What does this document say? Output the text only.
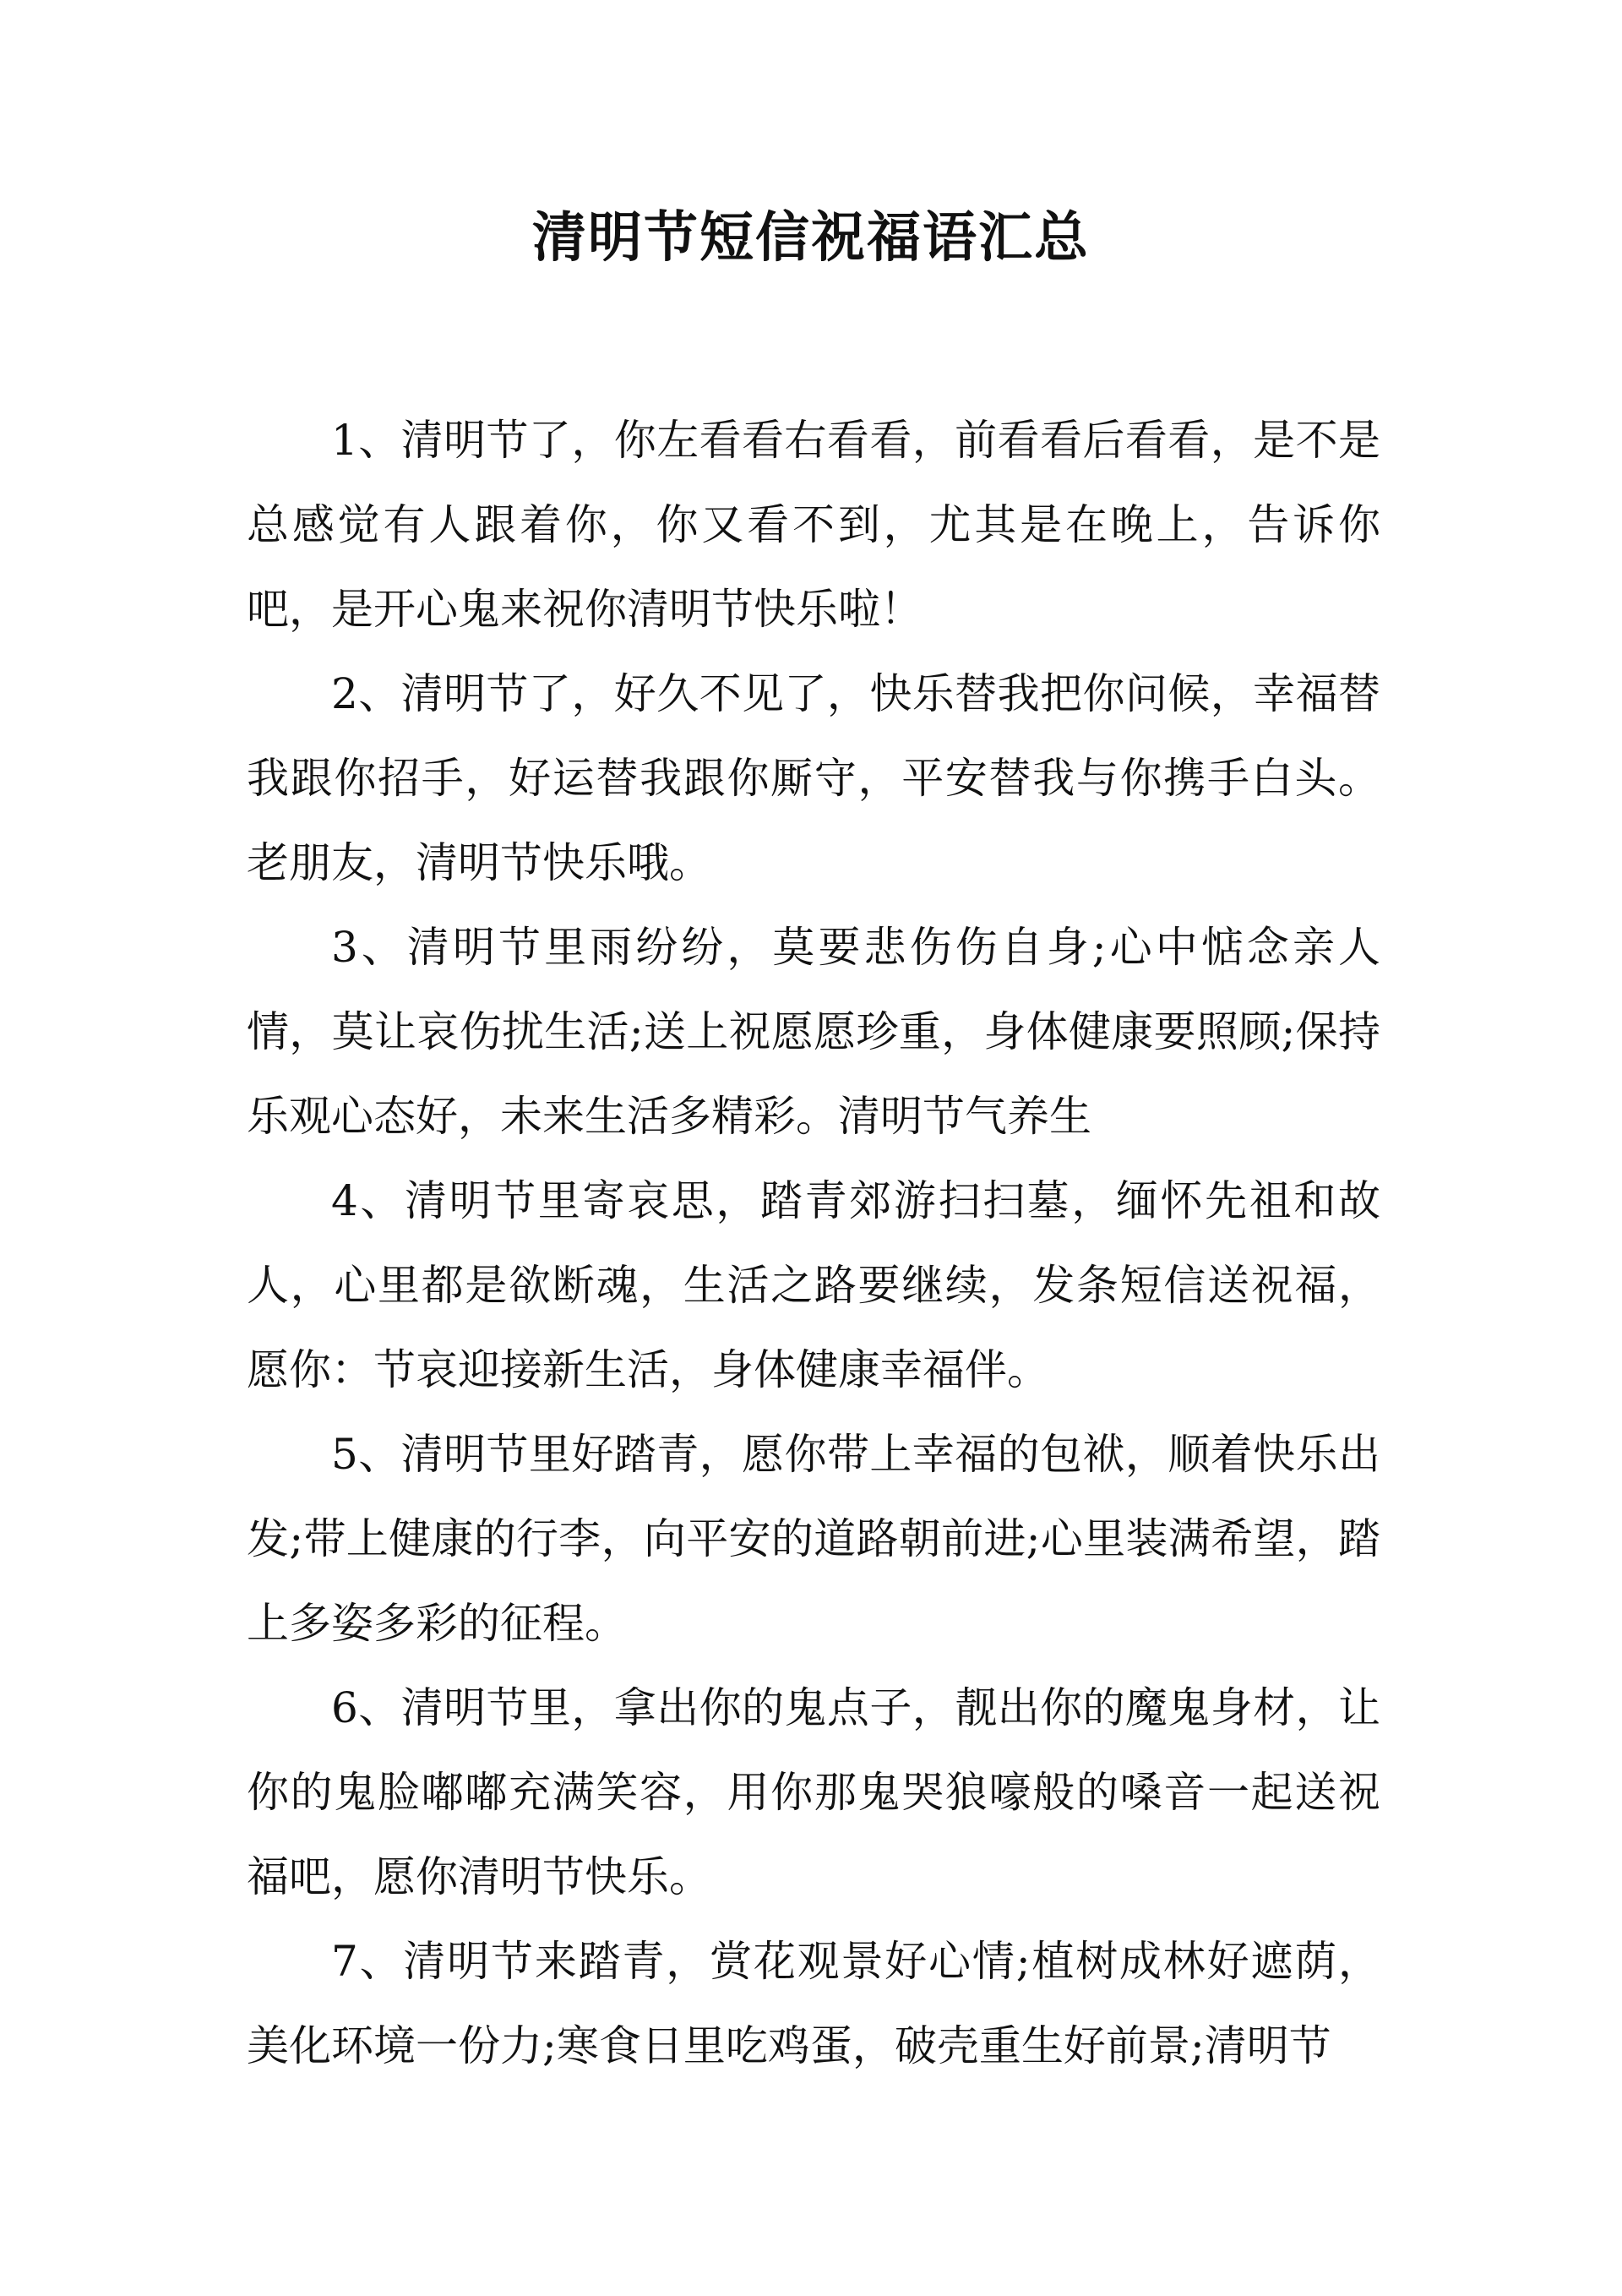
清明节短信祝福语汇总

1、清明节了，你左看看右看看，前看看后看看，是不是总感觉有人跟着你，你又看不到，尤其是在晚上，告诉你吧，是开心鬼来祝你清明节快乐啦！

2、清明节了，好久不见了，快乐替我把你问候，幸福替我跟你招手，好运替我跟你厮守，平安替我与你携手白头。老朋友，清明节快乐哦。

3、清明节里雨纷纷，莫要悲伤伤自身;心中惦念亲人情，莫让哀伤扰生活;送上祝愿愿珍重，身体健康要照顾;保持乐观心态好，未来生活多精彩。清明节气养生

4、清明节里寄哀思，踏青郊游扫扫墓，缅怀先祖和故人，心里都是欲断魂，生活之路要继续，发条短信送祝福，愿你：节哀迎接新生活，身体健康幸福伴。

5、清明节里好踏青，愿你带上幸福的包袱，顺着快乐出发;带上健康的行李，向平安的道路朝前进;心里装满希望，踏上多姿多彩的征程。

6、清明节里，拿出你的鬼点子，靓出你的魔鬼身材，让你的鬼脸嘟嘟充满笑容，用你那鬼哭狼嚎般的嗓音一起送祝福吧，愿你清明节快乐。

7、清明节来踏青，赏花观景好心情;植树成林好遮荫，美化环境一份力;寒食日里吃鸡蛋，破壳重生好前景;清明节
